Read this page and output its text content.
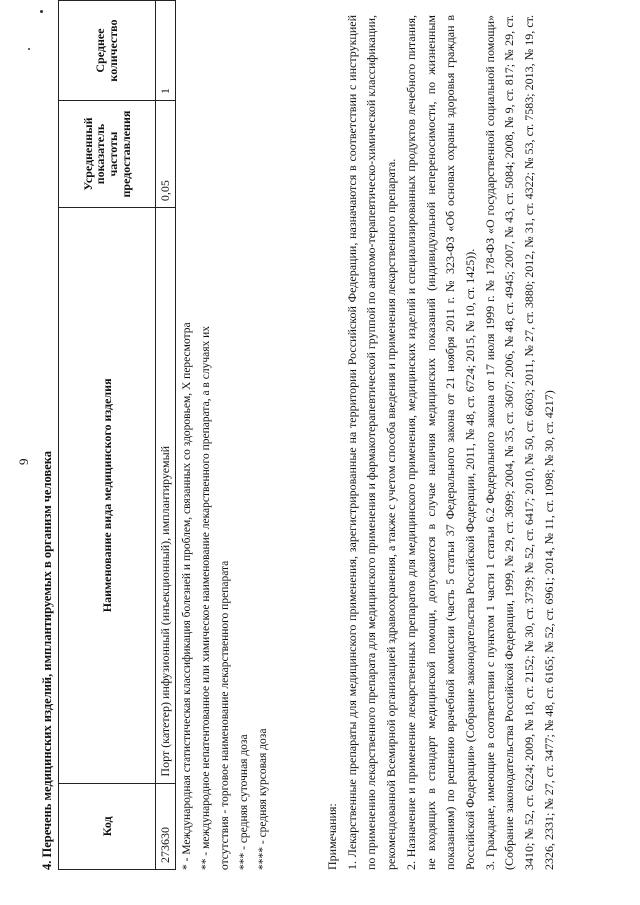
9 4. Перечень медицинских изделий, имплантируемых в организм человека	Код	Наименование вида медицинского изделия	Усредненный показатель частоты предоставления	Среднее количество
273630	Порт (катетер) инфузионный (инъекционный), имплантируемый	0,05	1
* - Международная статистическая классификация болезней и проблем, связанных со здоровьем, X пересмотра ** - международное непатентованное или химическое наименование лекарственного препарата, а в случаях их отсутствия - торговое наименование лекарственного препарата *** - средняя суточная доза **** - средняя курсовая доза	Примечания: 1. Лекарственные препараты для медицинского применения, зарегистрированные на территории Российской Федерации, назначаются в соответствии с инструкцией по применению лекарственного препарата для медицинского применения и фармакотерапевтической группой по анатомо-терапевтическо-химической классификации, рекомендованной Всемирной организацией здравоохранения, а также с учетом способа введения и применения лекарственного препарата. 2. Назначение и применение лекарственных препаратов для медицинского применения, медицинских изделий и специализированных продуктов лечебного питания, не входящих в стандарт медицинской помощи, допускаются в случае наличия медицинских показаний (индивидуальной непереносимости, по жизненным показаниям) по решению врачебной комиссии (часть 5 статьи 37 Федерального закона от 21 ноября 2011 г. № 323-ФЗ «Об основах охраны здоровья граждан в Российской Федерации» (Собрание законодательства Российской Федерации, 2011, № 48, ст. 6724; 2015, № 10, ст. 1425)). 3. Граждане, имеющие в соответствии с пунктом 1 части 1 статьи 6.2 Федерального закона от 17 июля 1999 г. № 178-ФЗ «О государственной социальной помощи» (Собрание законодательства Российской Федерации, 1999, № 29, ст. 3699; 2004, № 35, ст. 3607; 2006, № 48, ст. 4945; 2007, № 43, ст. 5084; 2008, № 9, ст. 817; № 29, ст. 3410; № 52, ст. 6224; 2009, № 18, ст. 2152; № 30, ст. 3739; № 52, ст. 6417; 2010, № 50, ст. 6603; 2011, № 27, ст. 3880; 2012, № 31, ст. 4322; № 53, ст. 7583; 2013, № 19, ст. 2326, 2331; № 27, ст. 3477; № 48, ст. 6165; № 52, ст. 6961; 2014, № 11, ст. 1098; № 30, ст. 4217)
